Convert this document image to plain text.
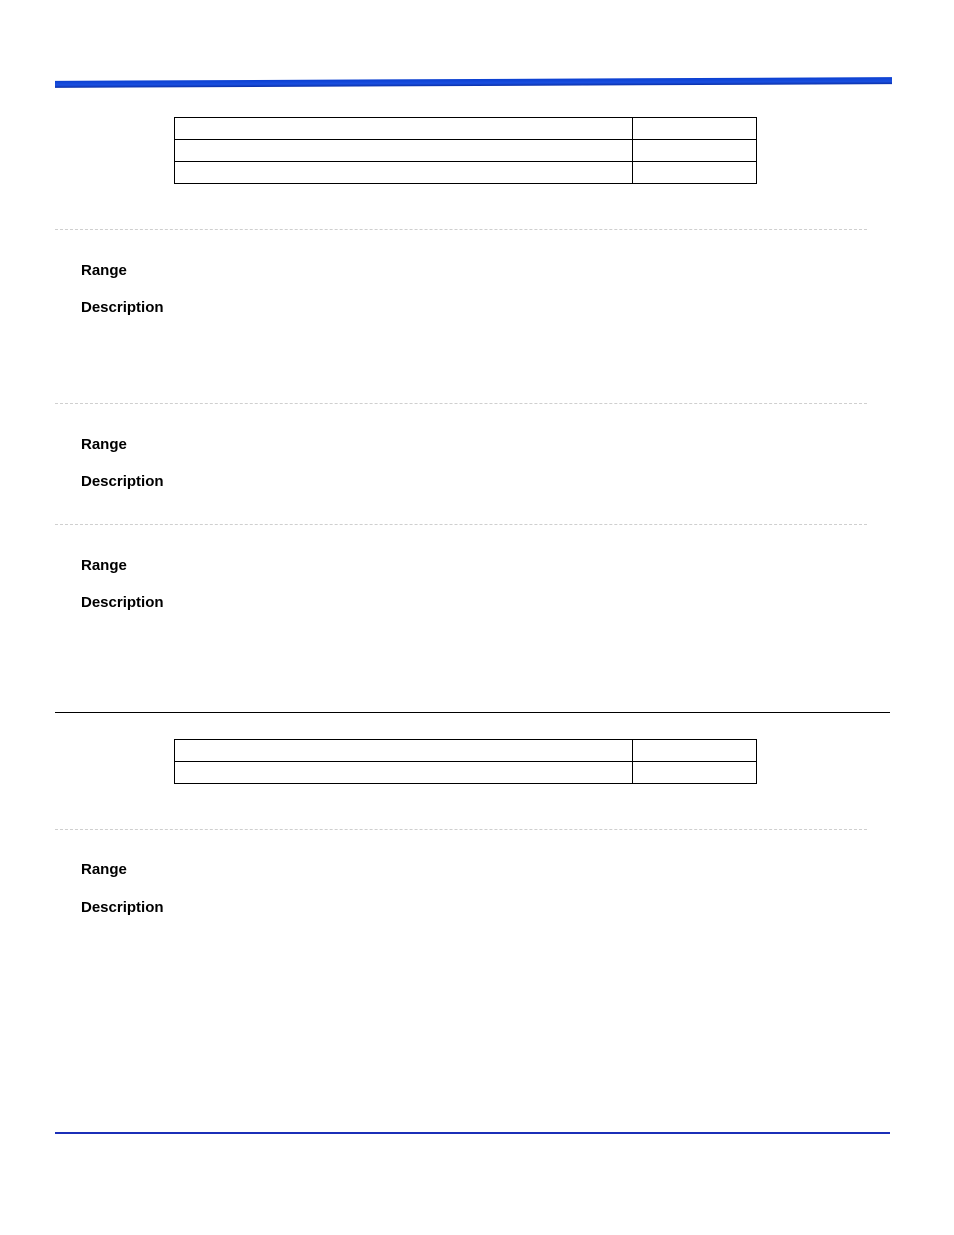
Range
Description
Range
Description
Range
Description

Range
Description
